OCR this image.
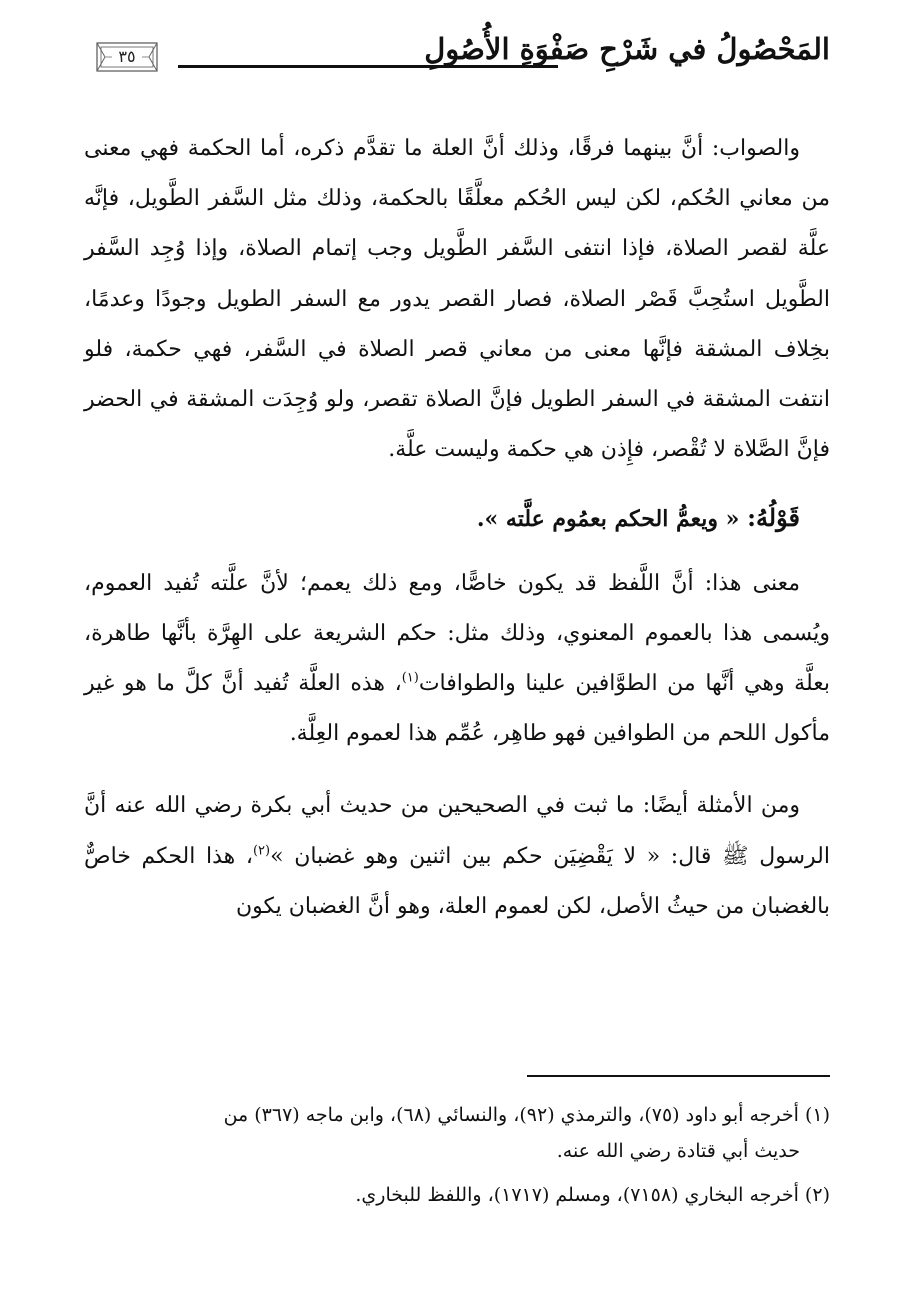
٣٥	المَحْصُولُ في شَرْحِ صَفْوَةِ الأُصُولِ

والصواب: أنَّ بينهما فرقًا، وذلك أنَّ العلة ما تقدَّم ذكره، أما الحكمة فهي معنى من معاني الحُكم، لكن ليس الحُكم معلَّقًا بالحكمة، وذلك مثل السَّفر الطَّويل، فإنَّه علَّة لقصر الصلاة، فإذا انتفى السَّفر الطَّويل وجب إتمام الصلاة، وإذا وُجِد السَّفر الطَّويل استُحِبَّ قَصْر الصلاة، فصار القصر يدور مع السفر الطويل وجودًا وعدمًا، بخِلاف المشقة فإنَّها معنى من معاني قصر الصلاة في السَّفر، فهي حكمة، فلو انتفت المشقة في السفر الطويل فإنَّ الصلاة تقصر، ولو وُجِدَت المشقة في الحضر فإنَّ الصَّلاة لا تُقْصر، فإِذن هي حكمة وليست علَّة.

قَوْلُهُ: « ويعمُّ الحكم بعمُوم علَّته ».

معنى هذا: أنَّ اللَّفظ قد يكون خاصًّا، ومع ذلك يعمم؛ لأنَّ علَّته تُفيد العموم، ويُسمى هذا بالعموم المعنوي، وذلك مثل: حكم الشريعة على الهِرَّة بأنَّها طاهرة، بعلَّة وهي أنَّها من الطوَّافين علينا والطوافات$^{(١)}$، هذه العلَّة تُفيد أنَّ كلَّ ما هو غير مأكول اللحم من الطوافين فهو طاهِر، عُمِّم هذا لعموم العِلَّة.

ومن الأمثلة أيضًا: ما ثبت في الصحيحين من حديث أبي بكرة رضي الله عنه أنَّ الرسول ﷺ قال: « لا يَقْضِيَن حكم بين اثنين وهو غضبان »$^{(٢)}$، هذا الحكم خاصٌّ بالغضبان من حيثُ الأصل، لكن لعموم العلة، وهو أنَّ الغضبان يكون

(١) أخرجه أبو داود (٧٥)، والترمذي (٩٢)، والنسائي (٦٨)، وابن ماجه (٣٦٧) من
حديث أبي قتادة رضي الله عنه.

(٢) أخرجه البخاري (٧١٥٨)، ومسلم (١٧١٧)، واللفظ للبخاري.
